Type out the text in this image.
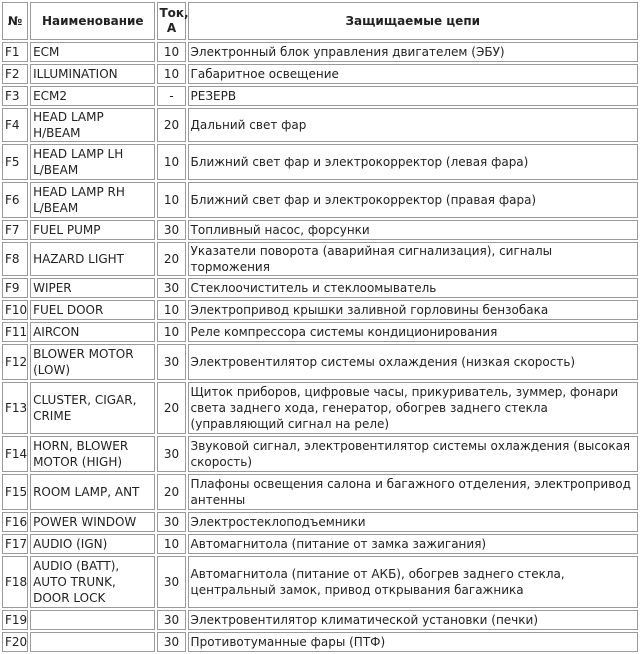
№	Наименование	Ток, А	Защищаемые цепи
F1	ECM	10	Электронный блок управления двигателем (ЭБУ)
F2	ILLUMINATION	10	Габаритное освещение
F3	ECM2	-	РЕЗЕРВ
F4	HEAD LAMP H/BEAM	20	Дальний свет фар
F5	HEAD LAMP LH L/BEAM	10	Ближний свет фар и электрокорректор (левая фара)
F6	HEAD LAMP RH L/BEAM	10	Ближний свет фар и электрокорректор (правая фара)
F7	FUEL PUMP	30	Топливный насос, форсунки
F8	HAZARD LIGHT	20	Указатели поворота (аварийная сигнализация), сигналы торможения
F9	WIPER	30	Стеклоочиститель и стеклоомыватель
F10	FUEL DOOR	10	Электропривод крышки заливной горловины бензобака
F11	AIRCON	10	Реле компрессора системы кондиционирования
F12	BLOWER MOTOR (LOW)	30	Электровентилятор системы охлаждения (низкая скорость)
F13	CLUSTER, CIGAR, CRIME	20	Щиток приборов, цифровые часы, прикуриватель, зуммер, фонари света заднего хода, генератор, обогрев заднего стекла (управляющий сигнал на реле)
F14	HORN, BLOWER MOTOR (HIGH)	30	Звуковой сигнал, электровентилятор системы охлаждения (высокая скорость)
F15	ROOM LAMP, ANT	20	Плафоны освещения салона и багажного отделения, электропривод антенны
F16	POWER WINDOW	30	Электростеклоподъемники
F17	AUDIO (IGN)	10	Автомагнитола (питание от замка зажигания)
F18	AUDIO (BATT), AUTO TRUNK, DOOR LOCK	30	Автомагнитола (питание от АКБ), обогрев заднего стекла, центральный замок, привод открывания багажника
F19		30	Электровентилятор климатической установки (печки)
F20		30	Противотуманные фары (ПТФ)
